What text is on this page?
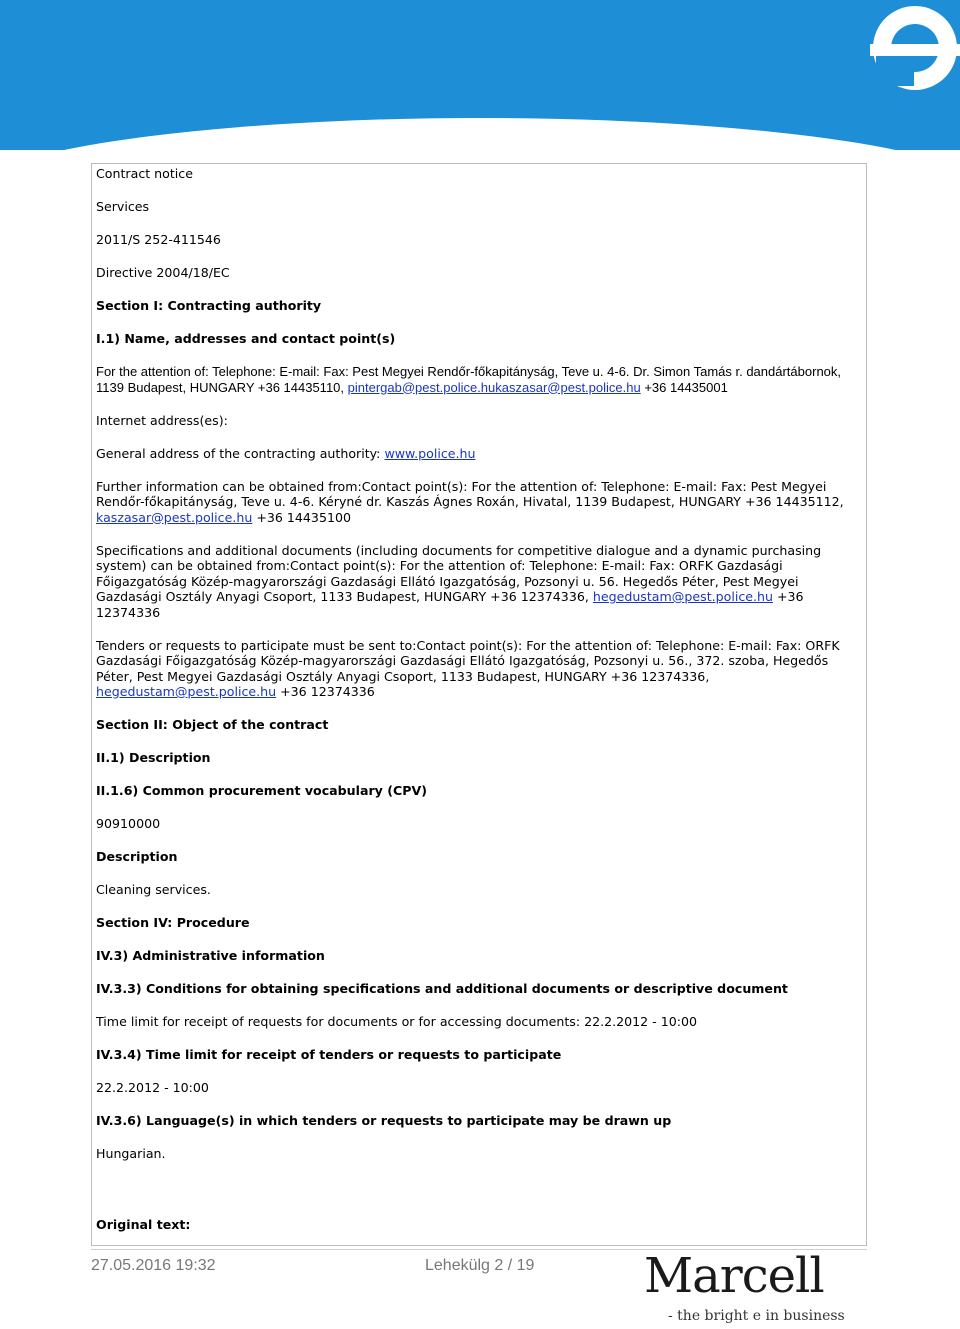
Contract notice

Services

2011/S 252-411546

Directive 2004/18/EC

Section I: Contracting authority

I.1) Name, addresses and contact point(s)

For the attention of: Telephone: E-mail: Fax: Pest Megyei Rendőr-főkapitányság, Teve u. 4-6. Dr. Simon Tamás r. dandártábornok, 1139 Budapest, HUNGARY +36 14435110, pintergab@pest.police.hukaszasar@pest.police.hu +36 14435001

Internet address(es):

General address of the contracting authority: www.police.hu

Further information can be obtained from:Contact point(s): For the attention of: Telephone: E-mail: Fax: Pest Megyei Rendőr-főkapitányság, Teve u. 4-6. Kéryné dr. Kaszás Ágnes Roxán, Hivatal, 1139 Budapest, HUNGARY +36 14435112, kaszasar@pest.police.hu +36 14435100

Specifications and additional documents (including documents for competitive dialogue and a dynamic purchasing system) can be obtained from:Contact point(s): For the attention of: Telephone: E-mail: Fax: ORFK Gazdasági Főigazgatóság Közép-magyarországi Gazdasági Ellátó Igazgatóság, Pozsonyi u. 56. Hegedős Péter, Pest Megyei Gazdasági Osztály Anyagi Csoport, 1133 Budapest, HUNGARY +36 12374336, hegedustam@pest.police.hu +36 12374336

Tenders or requests to participate must be sent to:Contact point(s): For the attention of: Telephone: E-mail: Fax: ORFK Gazdasági Főigazgatóság Közép-magyarországi Gazdasági Ellátó Igazgatóság, Pozsonyi u. 56., 372. szoba, Hegedős Péter, Pest Megyei Gazdasági Osztály Anyagi Csoport, 1133 Budapest, HUNGARY +36 12374336, hegedustam@pest.police.hu +36 12374336

Section II: Object of the contract

II.1) Description

II.1.6) Common procurement vocabulary (CPV)

90910000

Description

Cleaning services.

Section IV: Procedure

IV.3) Administrative information

IV.3.3) Conditions for obtaining specifications and additional documents or descriptive document

Time limit for receipt of requests for documents or for accessing documents: 22.2.2012 - 10:00

IV.3.4) Time limit for receipt of tenders or requests to participate

22.2.2012 - 10:00

IV.3.6) Language(s) in which tenders or requests to participate may be drawn up

Hungarian.

Original text:
27.05.2016 19:32	Lehekülg 2 / 19 Marcell
- the bright e in business
